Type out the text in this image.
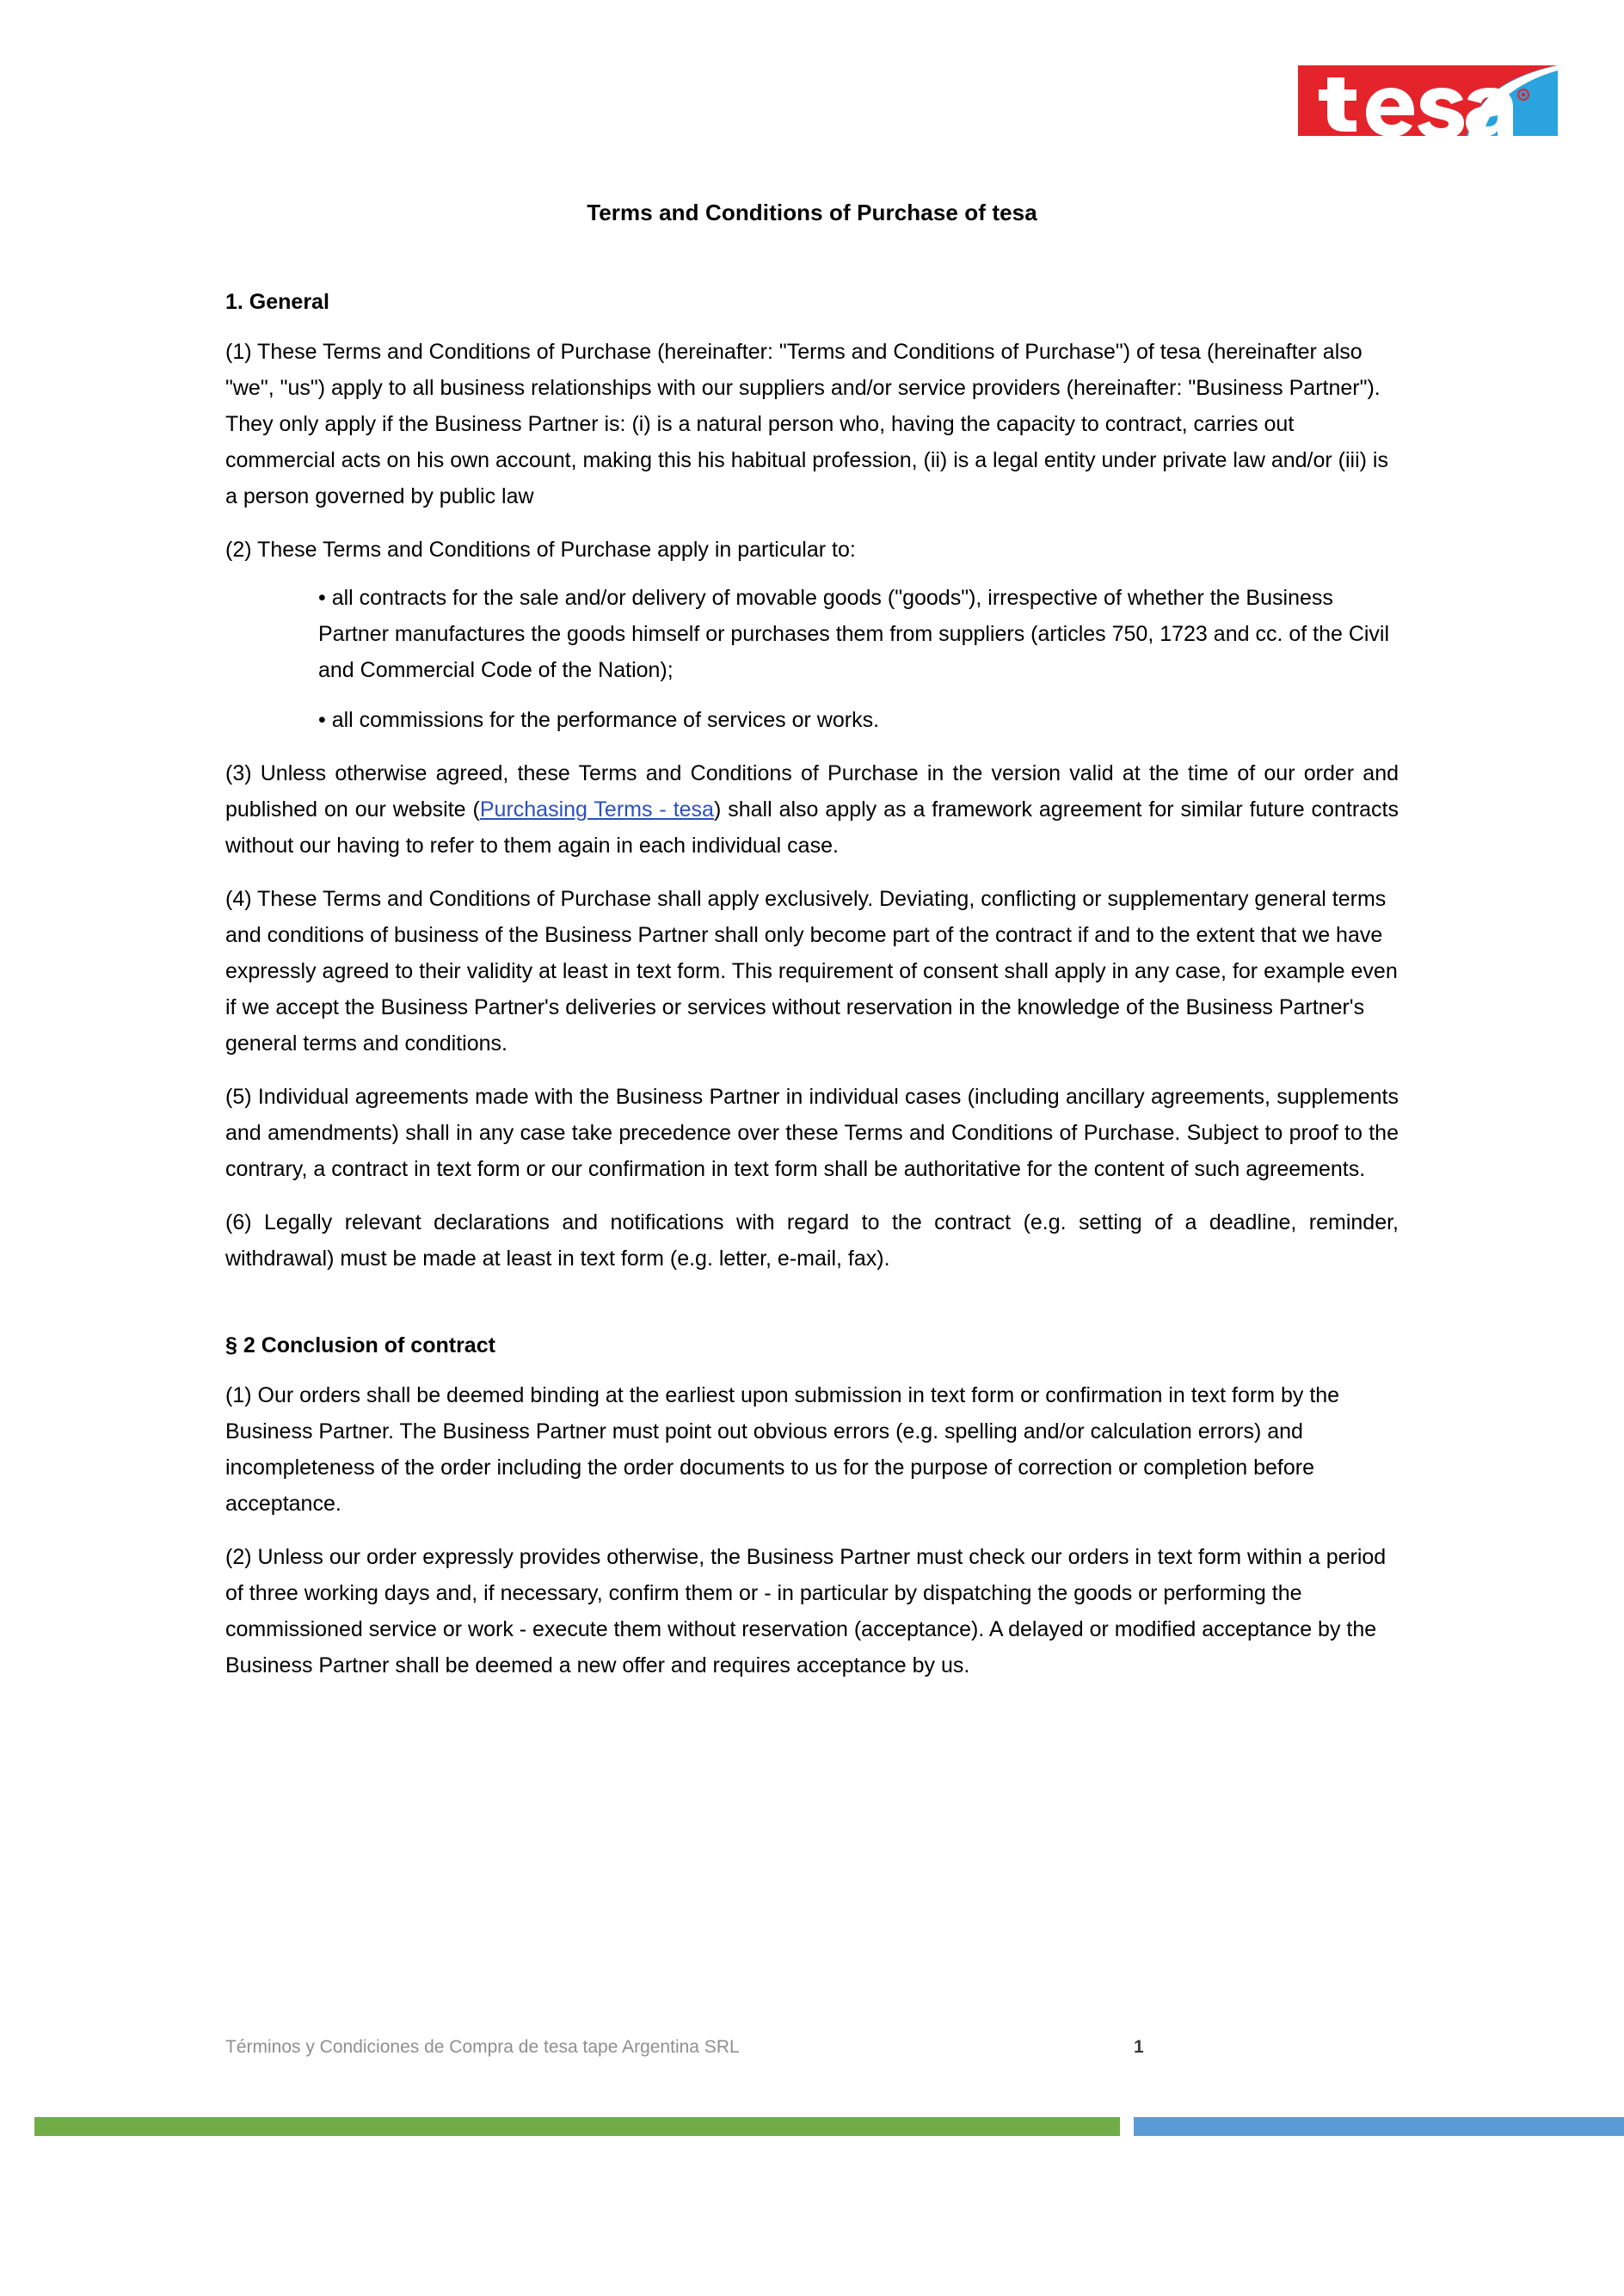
Terms and Conditions of Purchase of tesa
1. General

(1) These Terms and Conditions of Purchase (hereinafter: "Terms and Conditions of Purchase") of tesa (hereinafter also "we", "us") apply to all business relationships with our suppliers and/or service providers (hereinafter: "Business Partner"). They only apply if the Business Partner is: (i) is a natural person who, having the capacity to contract, carries out commercial acts on his own account, making this his habitual profession, (ii) is a legal entity under private law and/or (iii) is a person governed by public law

(2) These Terms and Conditions of Purchase apply in particular to:

• all contracts for the sale and/or delivery of movable goods ("goods"), irrespective of whether the Business Partner manufactures the goods himself or purchases them from suppliers (articles 750, 1723 and cc. of the Civil and Commercial Code of the Nation);

• all commissions for the performance of services or works.

(3) Unless otherwise agreed, these Terms and Conditions of Purchase in the version valid at the time of our order and published on our website (Purchasing Terms - tesa) shall also apply as a framework agreement for similar future contracts without our having to refer to them again in each individual case.

(4) These Terms and Conditions of Purchase shall apply exclusively. Deviating, conflicting or supplementary general terms and conditions of business of the Business Partner shall only become part of the contract if and to the extent that we have expressly agreed to their validity at least in text form. This requirement of consent shall apply in any case, for example even if we accept the Business Partner's deliveries or services without reservation in the knowledge of the Business Partner's general terms and conditions.

(5) Individual agreements made with the Business Partner in individual cases (including ancillary agreements, supplements and amendments) shall in any case take precedence over these Terms and Conditions of Purchase. Subject to proof to the contrary, a contract in text form or our confirmation in text form shall be authoritative for the content of such agreements.

(6) Legally relevant declarations and notifications with regard to the contract (e.g. setting of a deadline, reminder, withdrawal) must be made at least in text form (e.g. letter, e-mail, fax).

§ 2 Conclusion of contract

(1) Our orders shall be deemed binding at the earliest upon submission in text form or confirmation in text form by the Business Partner. The Business Partner must point out obvious errors (e.g. spelling and/or calculation errors) and incompleteness of the order including the order documents to us for the purpose of correction or completion before acceptance.

(2) Unless our order expressly provides otherwise, the Business Partner must check our orders in text form within a period of three working days and, if necessary, confirm them or - in particular by dispatching the goods or performing the commissioned service or work - execute them without reservation (acceptance). A delayed or modified acceptance by the Business Partner shall be deemed a new offer and requires acceptance by us.

Términos y Condiciones de Compra de tesa tape Argentina SRL	1
